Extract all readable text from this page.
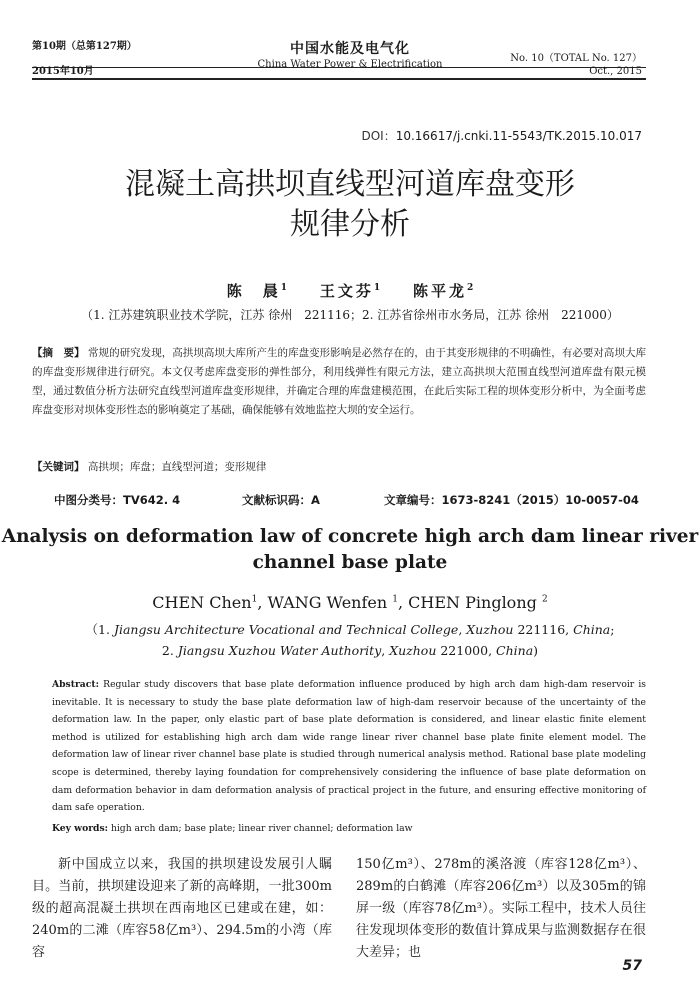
第10期（总第127期）	中国水能及电气化
China Water Power & Electrification
No. 10（TOTAL No. 127）
2015年10月	Oct., 2015
DOI：10.16617/j.cnki.11-5543/TK.2015.10.017
混凝土高拱坝直线型河道库盘变形
规律分析
陈　晨$^1$ 王文芬$^1$ 陈平龙$^2$
（1. 江苏建筑职业技术学院，江苏 徐州　221116；2. 江苏省徐州市水务局，江苏 徐州　221000）
【摘　要】 常规的研究发现，高拱坝高坝大库所产生的库盘变形影响是必然存在的，由于其变形规律的不明确性，有必要对高坝大库的库盘变形规律进行研究。本文仅考虑库盘变形的弹性部分，利用线弹性有限元方法，建立高拱坝大范围直线型河道库盘有限元模型，通过数值分析方法研究直线型河道库盘变形规律，并确定合理的库盘建模范围，在此后实际工程的坝体变形分析中，为全面考虑库盘变形对坝体变形性态的影响奠定了基础，确保能够有效地监控大坝的安全运行。
【关键词】 高拱坝；库盘；直线型河道；变形规律
中图分类号：TV642. 4	文献标识码：A	文章编号：1673-8241（2015）10-0057-04
Analysis on deformation law of concrete high arch dam linear river
channel base plate
CHEN Chen$^1$, WANG Wenfen $^1$, CHEN Pinglong $^2$
（1. Jiangsu Architecture Vocational and Technical College, Xuzhou 221116, China;
2. Jiangsu Xuzhou Water Authority, Xuzhou 221000, China)
Abstract: Regular study discovers that base plate deformation influence produced by high arch dam high-dam reservoir is inevitable. It is necessary to study the base plate deformation law of high-dam reservoir because of the uncertainty of the deformation law. In the paper, only elastic part of base plate deformation is considered, and linear elastic finite element method is utilized for establishing high arch dam wide range linear river channel base plate finite element model. The deformation law of linear river channel base plate is studied through numerical analysis method. Rational base plate modeling scope is determined, thereby laying foundation for comprehensively considering the influence of base plate deformation on dam deformation behavior in dam deformation analysis of practical project in the future, and ensuring effective monitoring of dam safe operation.
Key words: high arch dam; base plate; linear river channel; deformation law

新中国成立以来，我国的拱坝建设发展引人瞩目。当前，拱坝建设迎来了新的高峰期，一批300m级的超高混凝土拱坝在西南地区已建或在建，如：240m的二滩（库容58亿m³）、294.5m的小湾（库容

150亿m³）、278m的溪洛渡（库容128亿m³）、289m的白鹤滩（库容206亿m³）以及305m的锦屏一级（库容78亿m³）。实际工程中，技术人员往往发现坝体变形的数值计算成果与监测数据存在很大差异；也

57
